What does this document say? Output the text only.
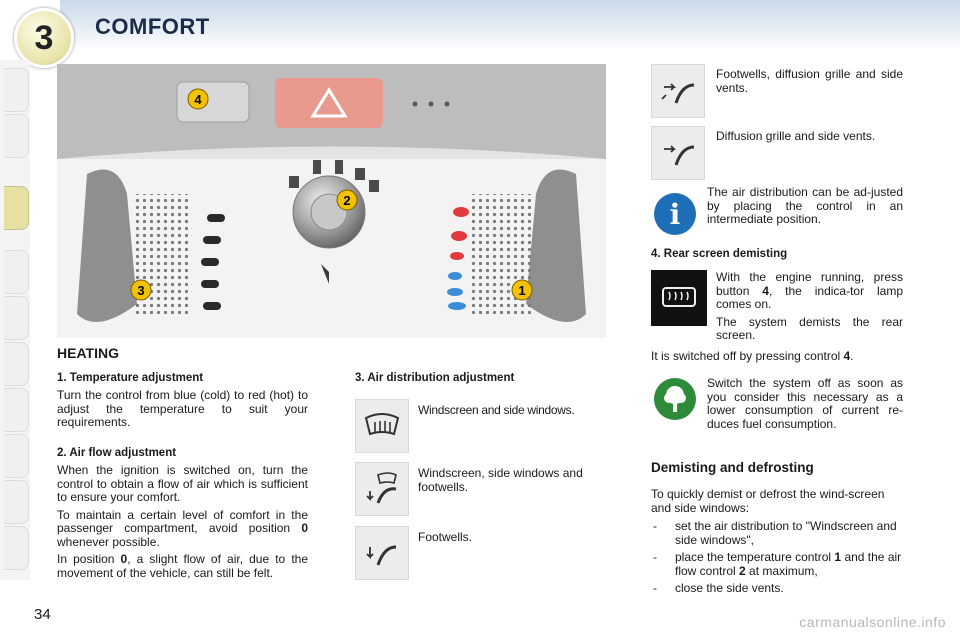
3 COMFORT
4
2
3	1
HEATING
1. Temperature adjustment

Turn the control from blue (cold) to red (hot) to adjust the temperature to suit your requirements.

2. Air flow adjustment

When the ignition is switched on, turn the control to obtain a flow of air which is sufficient to ensure your comfort.

To maintain a certain level of comfort in the passenger compartment, avoid position 0 whenever possible.

In position 0, a slight flow of air, due to the movement of the vehicle, can still be felt.

3. Air distribution adjustment
Windscreen and side windows.
Windscreen, side windows and footwells.
Footwells.

Footwells, diffusion grille and side vents.

Diffusion grille and side vents.

i

The air distribution can be ad-justed by placing the control in an intermediate position.

4. Rear screen demisting

With the engine running, press button 4, the indica-tor lamp comes on.

The system demists the rear screen.

It is switched off by pressing control 4.

Switch the system off as soon as you consider this necessary as a lower consumption of current re-duces fuel consumption.

Demisting and defrosting

To quickly demist or defrost the wind-screen and side windows:

- set the air distribution to "Windscreen and side windows",
- place the temperature control 1 and the air flow control 2 at maximum,
- close the side vents.
34	carmanualsonline.info
